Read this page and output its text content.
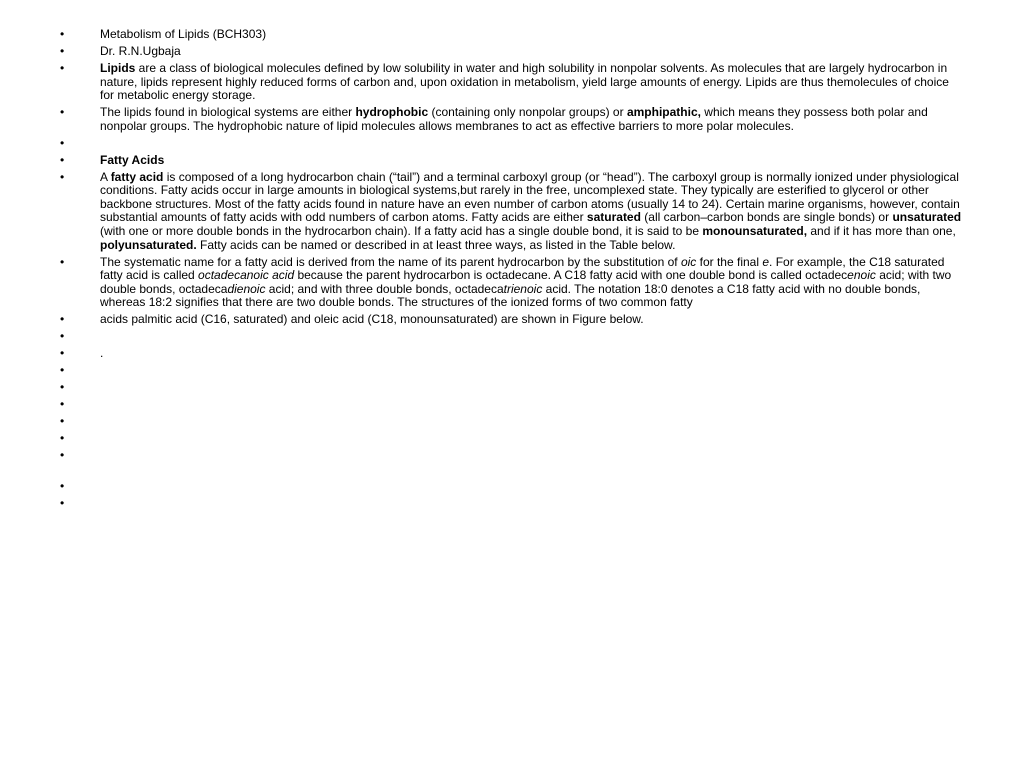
•	Metabolism of Lipids (BCH303)
•	Dr. R.N.Ugbaja
•	Lipids are a class of biological molecules defined by low solubility in water and high solubility in nonpolar solvents. As molecules that are largely hydrocarbon in nature, lipids represent highly reduced forms of carbon and, upon oxidation in metabolism, yield large amounts of energy. Lipids are thus themolecules of choice for metabolic energy storage.
•	The lipids found in biological systems are either hydrophobic (containing only nonpolar groups) or amphipathic, which means they possess both polar and nonpolar groups. The hydrophobic nature of lipid molecules allows membranes to act as effective barriers to more polar molecules.
•
•	Fatty Acids
•	A fatty acid is composed of a long hydrocarbon chain (“tail”) and a terminal carboxyl group (or “head”). The carboxyl group is normally ionized under physiological conditions. Fatty acids occur in large amounts in biological systems,but rarely in the free, uncomplexed state. They typically are esterified to glycerol or other backbone structures. Most of the fatty acids found in nature have an even number of carbon atoms (usually 14 to 24). Certain marine organisms, however, contain substantial amounts of fatty acids with odd numbers of carbon atoms. Fatty acids are either saturated (all carbon–carbon bonds are single bonds) or unsaturated (with one or more double bonds in the hydrocarbon chain). If a fatty acid has a single double bond, it is said to be monounsaturated, and if it has more than one, polyunsaturated. Fatty acids can be named or described in at least three ways, as listed in the Table below.
•	The systematic name for a fatty acid is derived from the name of its parent hydrocarbon by the substitution of oic for the final e. For example, the C18 saturated fatty acid is called octadecanoic acid because the parent hydrocarbon is octadecane. A C18 fatty acid with one double bond is called octadecenoic acid; with two double bonds, octadecadienoic acid; and with three double bonds, octadecatrienoic acid. The notation 18:0 denotes a C18 fatty acid with no double bonds, whereas 18:2 signifies that there are two double bonds. The structures of the ionized forms of two common fatty
•	acids palmitic acid (C16, saturated) and oleic acid (C18, monounsaturated) are shown in Figure below.
•
•	.
•
•
•
•
•
•
•
•
